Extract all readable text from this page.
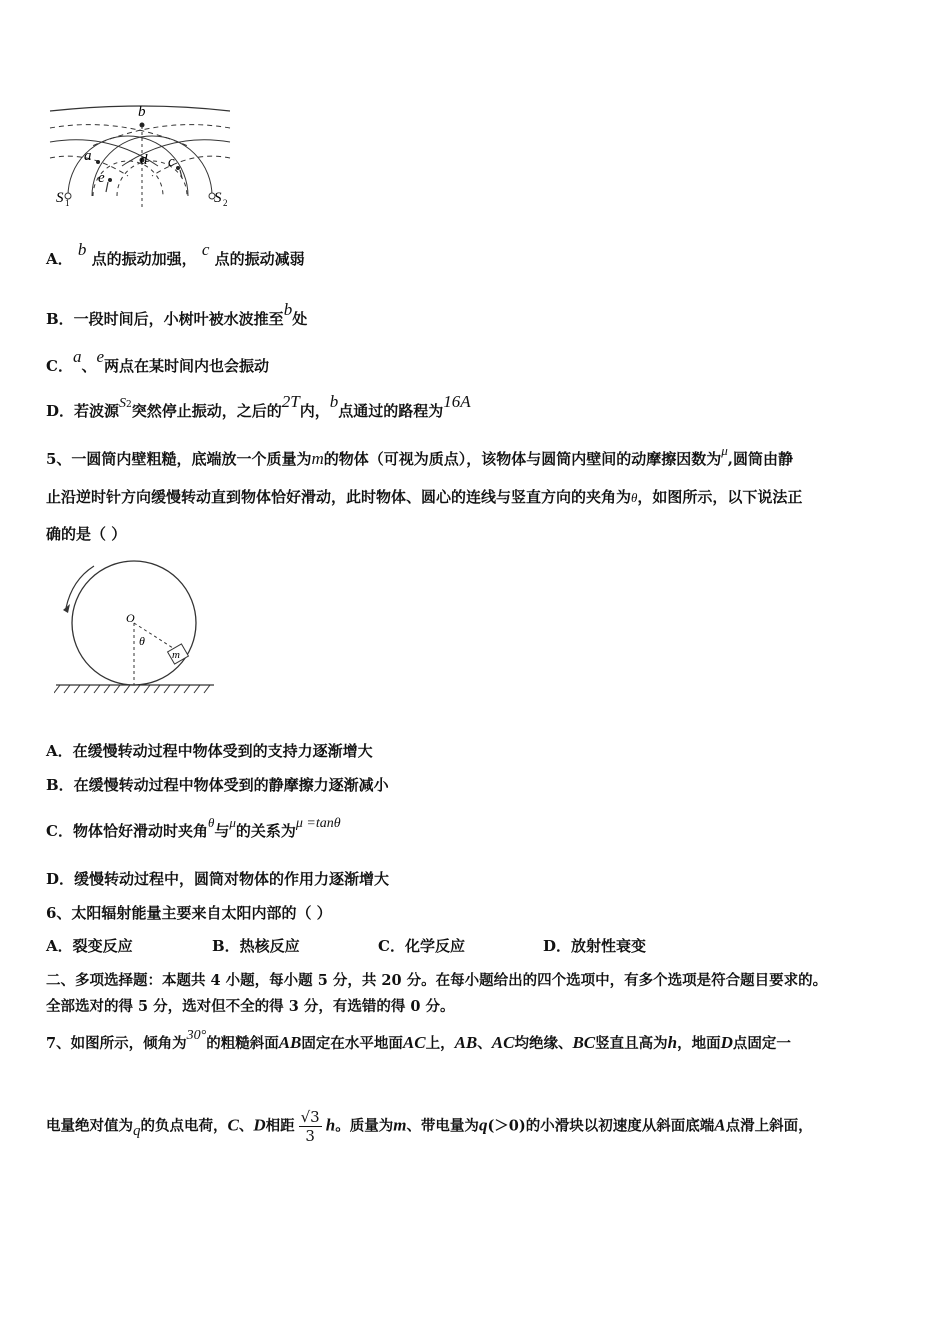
b
a	d c
e
S 1	S 2
A． b 点的振动加强， c 点的振动减弱
B．一段时间后，小树叶被水波推至b处
C．a、e两点在某时间内也会振动
D．若波源$S^2$突然停止振动，之后的2T内，b点通过的路程为16A
5、一圆筒内壁粗糙，底端放一个质量为m的物体（可视为质点），该物体与圆筒内壁间的动摩擦因数为μ,圆筒由静
止沿逆时针方向缓慢转动直到物体恰好滑动，此时物体、圆心的连线与竖直方向的夹角为θ，如图所示，以下说法正
确的是（ ）
m
O
θ
A．在缓慢转动过程中物体受到的支持力逐渐增大
B．在缓慢转动过程中物体受到的静摩擦力逐渐减小
C．物体恰好滑动时夹角θ与μ的关系为μ =tanθ
D．缓慢转动过程中，圆筒对物体的作用力逐渐增大
6、太阳辐射能量主要来自太阳内部的（ ）
A．裂变反应	B．热核反应	C．化学反应	D．放射性衰变
二、多项选择题：本题共 4 小题，每小题 5 分，共 20 分。在每小题给出的四个选项中，有多个选项是符合题目要求的。
全部选对的得 5 分，选对但不全的得 3 分，有选错的得 0 分。
7、如图所示，倾角为30°的粗糙斜面AB固定在水平地面AC上，AB、AC均绝缘、BC竖直且高为h，地面D点固定一
电量绝对值为q的负点电荷，C、D相距 $\frac{√3}{3}$ h。质量为m、带电量为q(＞0)的小滑块以初速度从斜面底端A点滑上斜面，
